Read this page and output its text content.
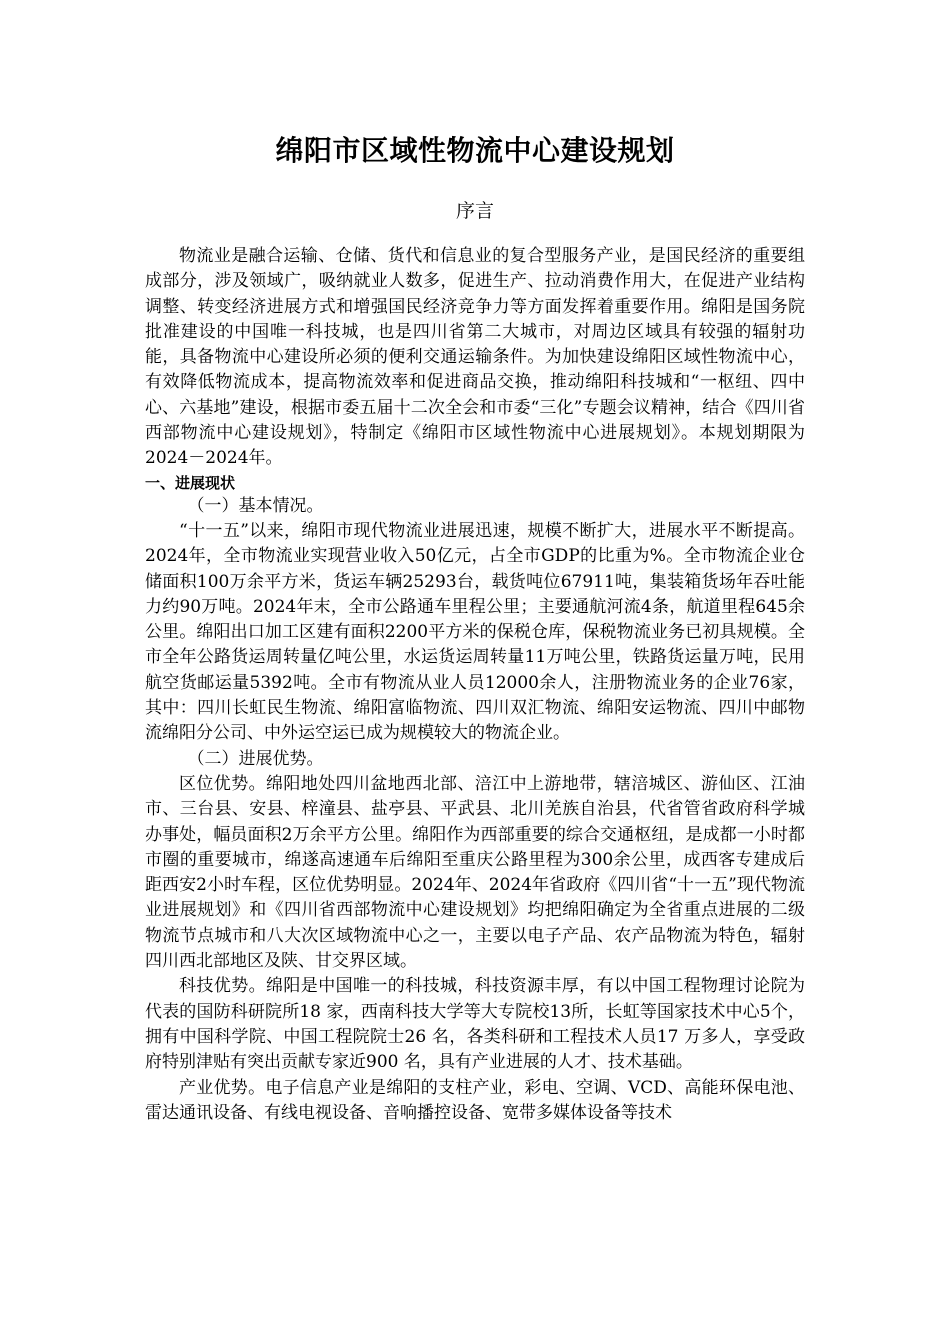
绵阳市区域性物流中心建设规划
序言

物流业是融合运输、仓储、货代和信息业的复合型服务产业，是国民经济的重要组成部分，涉及领域广，吸纳就业人数多，促进生产、拉动消费作用大，在促进产业结构调整、转变经济进展方式和增强国民经济竞争力等方面发挥着重要作用。绵阳是国务院批准建设的中国唯一科技城，也是四川省第二大城市，对周边区域具有较强的辐射功能，具备物流中心建设所必须的便利交通运输条件。为加快建设绵阳区域性物流中心，有效降低物流成本，提高物流效率和促进商品交换，推动绵阳科技城和“一枢纽、四中心、六基地”建设，根据市委五届十二次全会和市委“三化”专题会议精神，结合《四川省西部物流中心建设规划》，特制定《绵阳市区域性物流中心进展规划》。本规划期限为2024－2024年。

一、进展现状

（一）基本情况。

“十一五”以来，绵阳市现代物流业进展迅速，规模不断扩大，进展水平不断提高。2024年，全市物流业实现营业收入50亿元，占全市GDP的比重为%。全市物流企业仓储面积100万余平方米，货运车辆25293台，载货吨位67911吨，集装箱货场年吞吐能力约90万吨。2024年末，全市公路通车里程公里；主要通航河流4条，航道里程645余公里。绵阳出口加工区建有面积2200平方米的保税仓库，保税物流业务已初具规模。全市全年公路货运周转量亿吨公里，水运货运周转量11万吨公里，铁路货运量万吨，民用航空货邮运量5392吨。全市有物流从业人员12000余人，注册物流业务的企业76家，其中：四川长虹民生物流、绵阳富临物流、四川双汇物流、绵阳安运物流、四川中邮物流绵阳分公司、中外运空运已成为规模较大的物流企业。

（二）进展优势。

区位优势。绵阳地处四川盆地西北部、涪江中上游地带，辖涪城区、游仙区、江油市、三台县、安县、梓潼县、盐亭县、平武县、北川羌族自治县，代省管省政府科学城办事处，幅员面积2万余平方公里。绵阳作为西部重要的综合交通枢纽，是成都一小时都市圈的重要城市，绵遂高速通车后绵阳至重庆公路里程为300余公里，成西客专建成后距西安2小时车程，区位优势明显。2024年、2024年省政府《四川省“十一五”现代物流业进展规划》和《四川省西部物流中心建设规划》均把绵阳确定为全省重点进展的二级物流节点城市和八大次区域物流中心之一，主要以电子产品、农产品物流为特色，辐射四川西北部地区及陕、甘交界区域。

科技优势。绵阳是中国唯一的科技城，科技资源丰厚，有以中国工程物理讨论院为代表的国防科研院所18 家，西南科技大学等大专院校13所，长虹等国家技术中心5个，拥有中国科学院、中国工程院院士26 名，各类科研和工程技术人员17 万多人，享受政府特别津贴有突出贡献专家近900 名，具有产业进展的人才、技术基础。

产业优势。电子信息产业是绵阳的支柱产业，彩电、空调、VCD、高能环保电池、雷达通讯设备、有线电视设备、音响播控设备、宽带多媒体设备等技术
